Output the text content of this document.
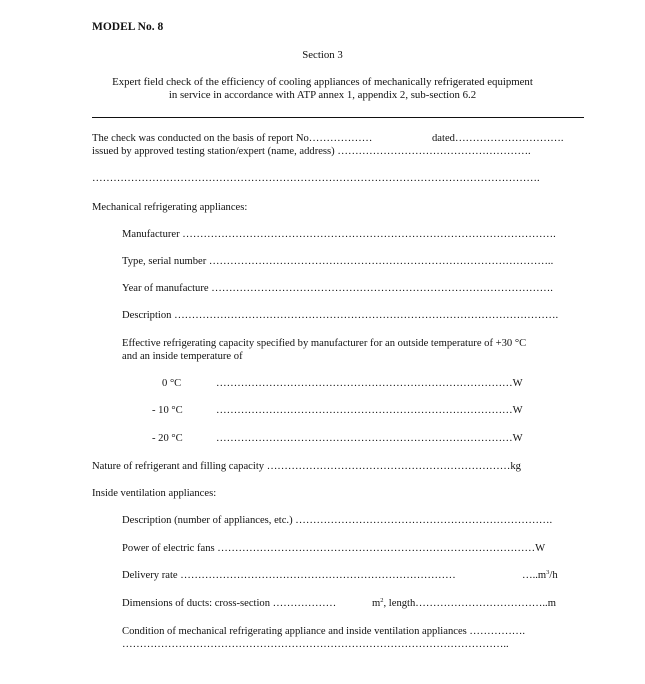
MODEL No. 8
Section 3
Expert field check of the efficiency of cooling appliances of mechanically refrigerated equipment
in service in accordance with ATP annex 1, appendix 2, sub-section 6.2
The check was conducted on the basis of report No………………	dated………………………….
issued by approved testing station/expert (name, address) ……………………………………………….
……………………………………………………………………………………………………………….
Mechanical refrigerating appliances:
Manufacturer …………………………………………………………………………………………….
Type, serial number ……………………………………………………………………………………..
Year of manufacture …………………………………………………………………………………….
Description ……………………………………………………………………………………………….
Effective refrigerating capacity specified by manufacturer for an outside temperature of +30 °C
and an inside temperature of
0 °C	…………………………………………………………………………W
- 10 °C	…………………………………………………………………………W
- 20 °C	…………………………………………………………………………W
Nature of refrigerant and filling capacity ……………………………………………………………kg
Inside ventilation appliances:
Description (number of appliances, etc.) ……………………………………………………………….
Power of electric fans ………………………………………………………………………………W
Delivery rate ……………………………………………………………………	$\dots..m^3/h$
Dimensions of ducts: cross-section ………………	$m^2$, length………………………………..m
Condition of mechanical refrigerating appliance and inside ventilation appliances …………….
………………………………………………………………………………………………..
